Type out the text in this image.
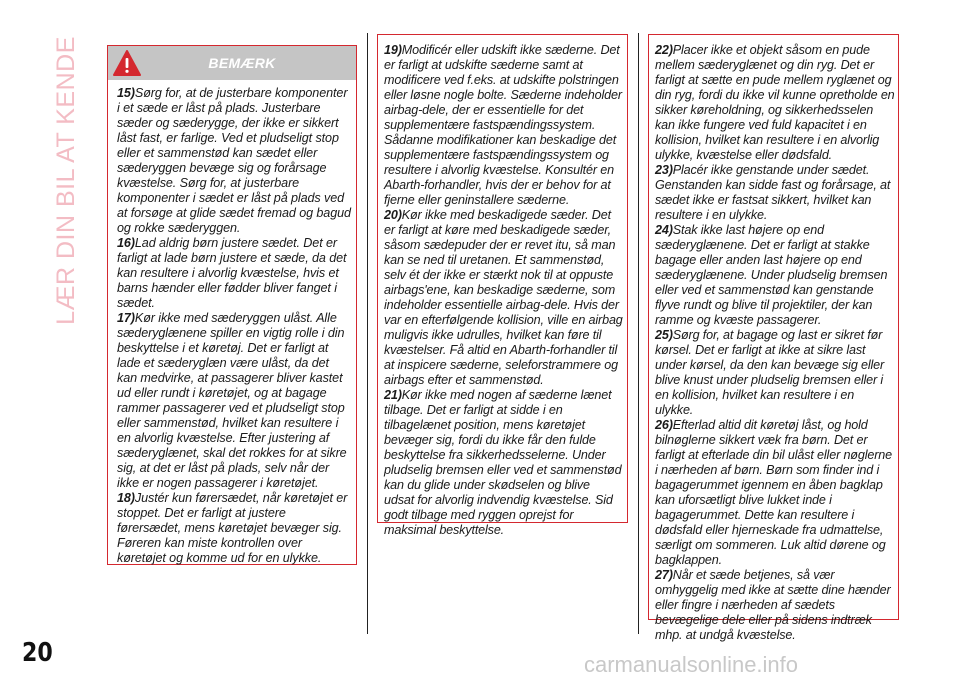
LÆR DIN BIL AT KENDE	BEMÆRK

15)Sørg for, at de justerbare komponenter i et sæde er låst på plads. Justerbare sæder og sæderygge, der ikke er sikkert låst fast, er farlige. Ved et pludseligt stop eller et sammenstød kan sædet eller sæderyggen bevæge sig og forårsage kvæstelse. Sørg for, at justerbare komponenter i sædet er låst på plads ved at forsøge at glide sædet fremad og bagud og rokke sæderyggen.

16)Lad aldrig børn justere sædet. Det er farligt at lade børn justere et sæde, da det kan resultere i alvorlig kvæstelse, hvis et barns hænder eller fødder bliver fanget i sædet.

17)Kør ikke med sæderyggen ulåst. Alle sæderyglænene spiller en vigtig rolle i din beskyttelse i et køretøj. Det er farligt at lade et sæderyglæn være ulåst, da det kan medvirke, at passagerer bliver kastet ud eller rundt i køretøjet, og at bagage rammer passagerer ved et pludseligt stop eller sammenstød, hvilket kan resultere i en alvorlig kvæstelse. Efter justering af sæderyglænet, skal det rokkes for at sikre sig, at det er låst på plads, selv når der ikke er nogen passagerer i køretøjet.

18)Justér kun førersædet, når køretøjet er stoppet. Det er farligt at justere førersædet, mens køretøjet bevæger sig. Føreren kan miste kontrollen over køretøjet og komme ud for en ulykke.

19)Modificér eller udskift ikke sæderne. Det er farligt at udskifte sæderne samt at modificere ved f.eks. at udskifte polstringen eller løsne nogle bolte. Sæderne indeholder airbag-dele, der er essentielle for det supplementære fastspændingssystem. Sådanne modifikationer kan beskadige det supplementære fastspændingssystem og resultere i alvorlig kvæstelse. Konsultér en Abarth-forhandler, hvis der er behov for at fjerne eller geninstallere sæderne.

20)Kør ikke med beskadigede sæder. Det er farligt at køre med beskadigede sæder, såsom sædepuder der er revet itu, så man kan se ned til uretanen. Et sammenstød, selv ét der ikke er stærkt nok til at oppuste airbags'ene, kan beskadige sæderne, som indeholder essentielle airbag-dele. Hvis der var en efterfølgende kollision, ville en airbag muligvis ikke udrulles, hvilket kan føre til kvæstelser. Få altid en Abarth-forhandler til at inspicere sæderne, seleforstrammere og airbags efter et sammenstød.

21)Kør ikke med nogen af sæderne lænet tilbage. Det er farligt at sidde i en tilbagelænet position, mens køretøjet bevæger sig, fordi du ikke får den fulde beskyttelse fra sikkerhedsselerne. Under pludselig bremsen eller ved et sammenstød kan du glide under skødselen og blive udsat for alvorlig indvendig kvæstelse. Sid godt tilbage med ryggen oprejst for maksimal beskyttelse.

22)Placer ikke et objekt såsom en pude mellem sæderyglænet og din ryg. Det er farligt at sætte en pude mellem ryglænet og din ryg, fordi du ikke vil kunne opretholde en sikker køreholdning, og sikkerhedsselen kan ikke fungere ved fuld kapacitet i en kollision, hvilket kan resultere i en alvorlig ulykke, kvæstelse eller dødsfald.

23)Placér ikke genstande under sædet. Genstanden kan sidde fast og forårsage, at sædet ikke er fastsat sikkert, hvilket kan resultere i en ulykke.

24)Stak ikke last højere op end sæderyglænene. Det er farligt at stakke bagage eller anden last højere op end sæderyglænene. Under pludselig bremsen eller ved et sammenstød kan genstande flyve rundt og blive til projektiler, der kan ramme og kvæste passagerer.

25)Sørg for, at bagage og last er sikret før kørsel. Det er farligt at ikke at sikre last under kørsel, da den kan bevæge sig eller blive knust under pludselig bremsen eller i en kollision, hvilket kan resultere i en ulykke.

26)Efterlad altid dit køretøj låst, og hold bilnøglerne sikkert væk fra børn. Det er farligt at efterlade din bil ulåst eller nøglerne i nærheden af børn. Børn som finder ind i bagagerummet igennem en åben bagklap kan uforsætligt blive lukket inde i bagagerummet. Dette kan resultere i dødsfald eller hjerneskade fra udmattelse, særligt om sommeren. Luk altid dørene og bagklappen.

27)Når et sæde betjenes, så vær omhyggelig med ikke at sætte dine hænder eller fingre i nærheden af sædets bevægelige dele eller på sidens indtræk mhp. at undgå kvæstelse.

20	carmanualsonline.info
